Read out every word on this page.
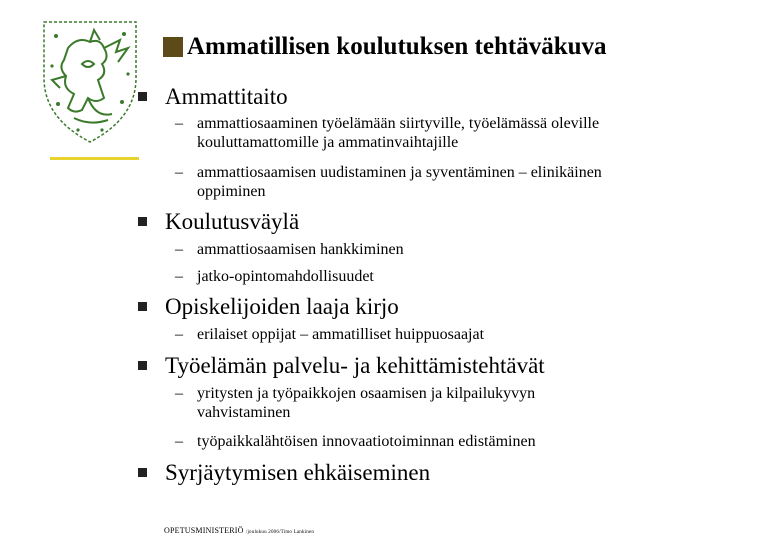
Ammatillisen koulutuksen tehtäväkuva
Ammattitaito
– ammattiosaaminen työelämään siirtyville, työelämässä oleville
kouluttamattomille ja ammatinvaihtajille
– ammattiosaamisen uudistaminen ja syventäminen – elinikäinen
oppiminen
Koulutusväylä
– ammattiosaamisen hankkiminen
– jatko-opintomahdollisuudet
Opiskelijoiden laaja kirjo
– erilaiset oppijat – ammatilliset huippuosaajat
Työelämän palvelu- ja kehittämistehtävät
– yritysten ja työpaikkojen osaamisen ja kilpailukyvyn
vahvistaminen
– työpaikkalähtöisen innovaatiotoiminnan edistäminen
Syrjäytymisen ehkäiseminen
OPETUSMINISTERIÖ /joulukuu 2006/Timo Lankinen
